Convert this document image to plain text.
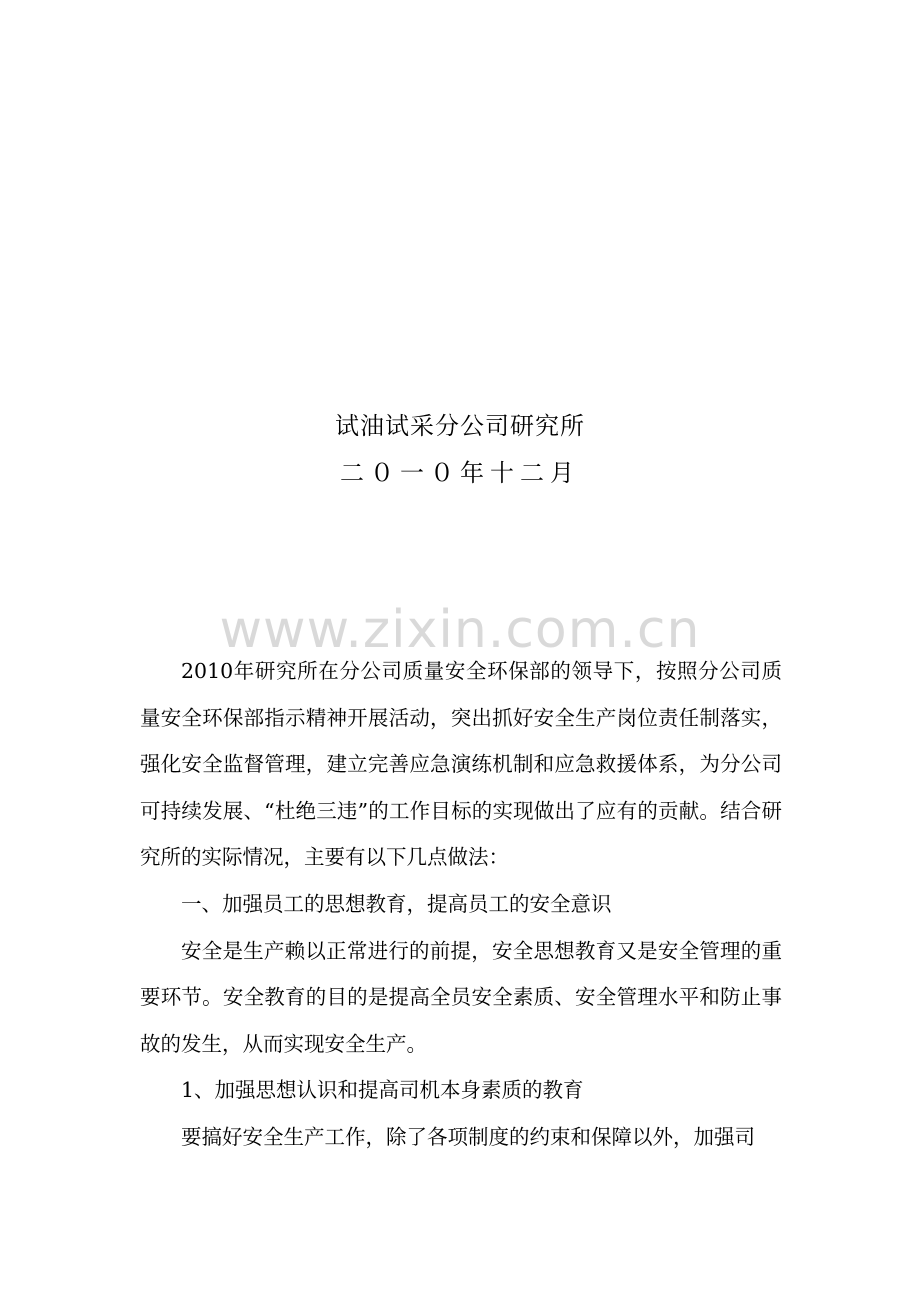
试油试采分公司研究所
二０一０年十二月
www.zixin.com.cn

2010年研究所在分公司质量安全环保部的领导下，按照分公司质量安全环保部指示精神开展活动，突出抓好安全生产岗位责任制落实，强化安全监督管理，建立完善应急演练机制和应急救援体系，为分公司可持续发展、“杜绝三违”的工作目标的实现做出了应有的贡献。结合研究所的实际情况，主要有以下几点做法：

一、加强员工的思想教育，提高员工的安全意识

安全是生产赖以正常进行的前提，安全思想教育又是安全管理的重要环节。安全教育的目的是提高全员安全素质、安全管理水平和防止事故的发生，从而实现安全生产。

1、加强思想认识和提高司机本身素质的教育

要搞好安全生产工作，除了各项制度的约束和保障以外，加强司
